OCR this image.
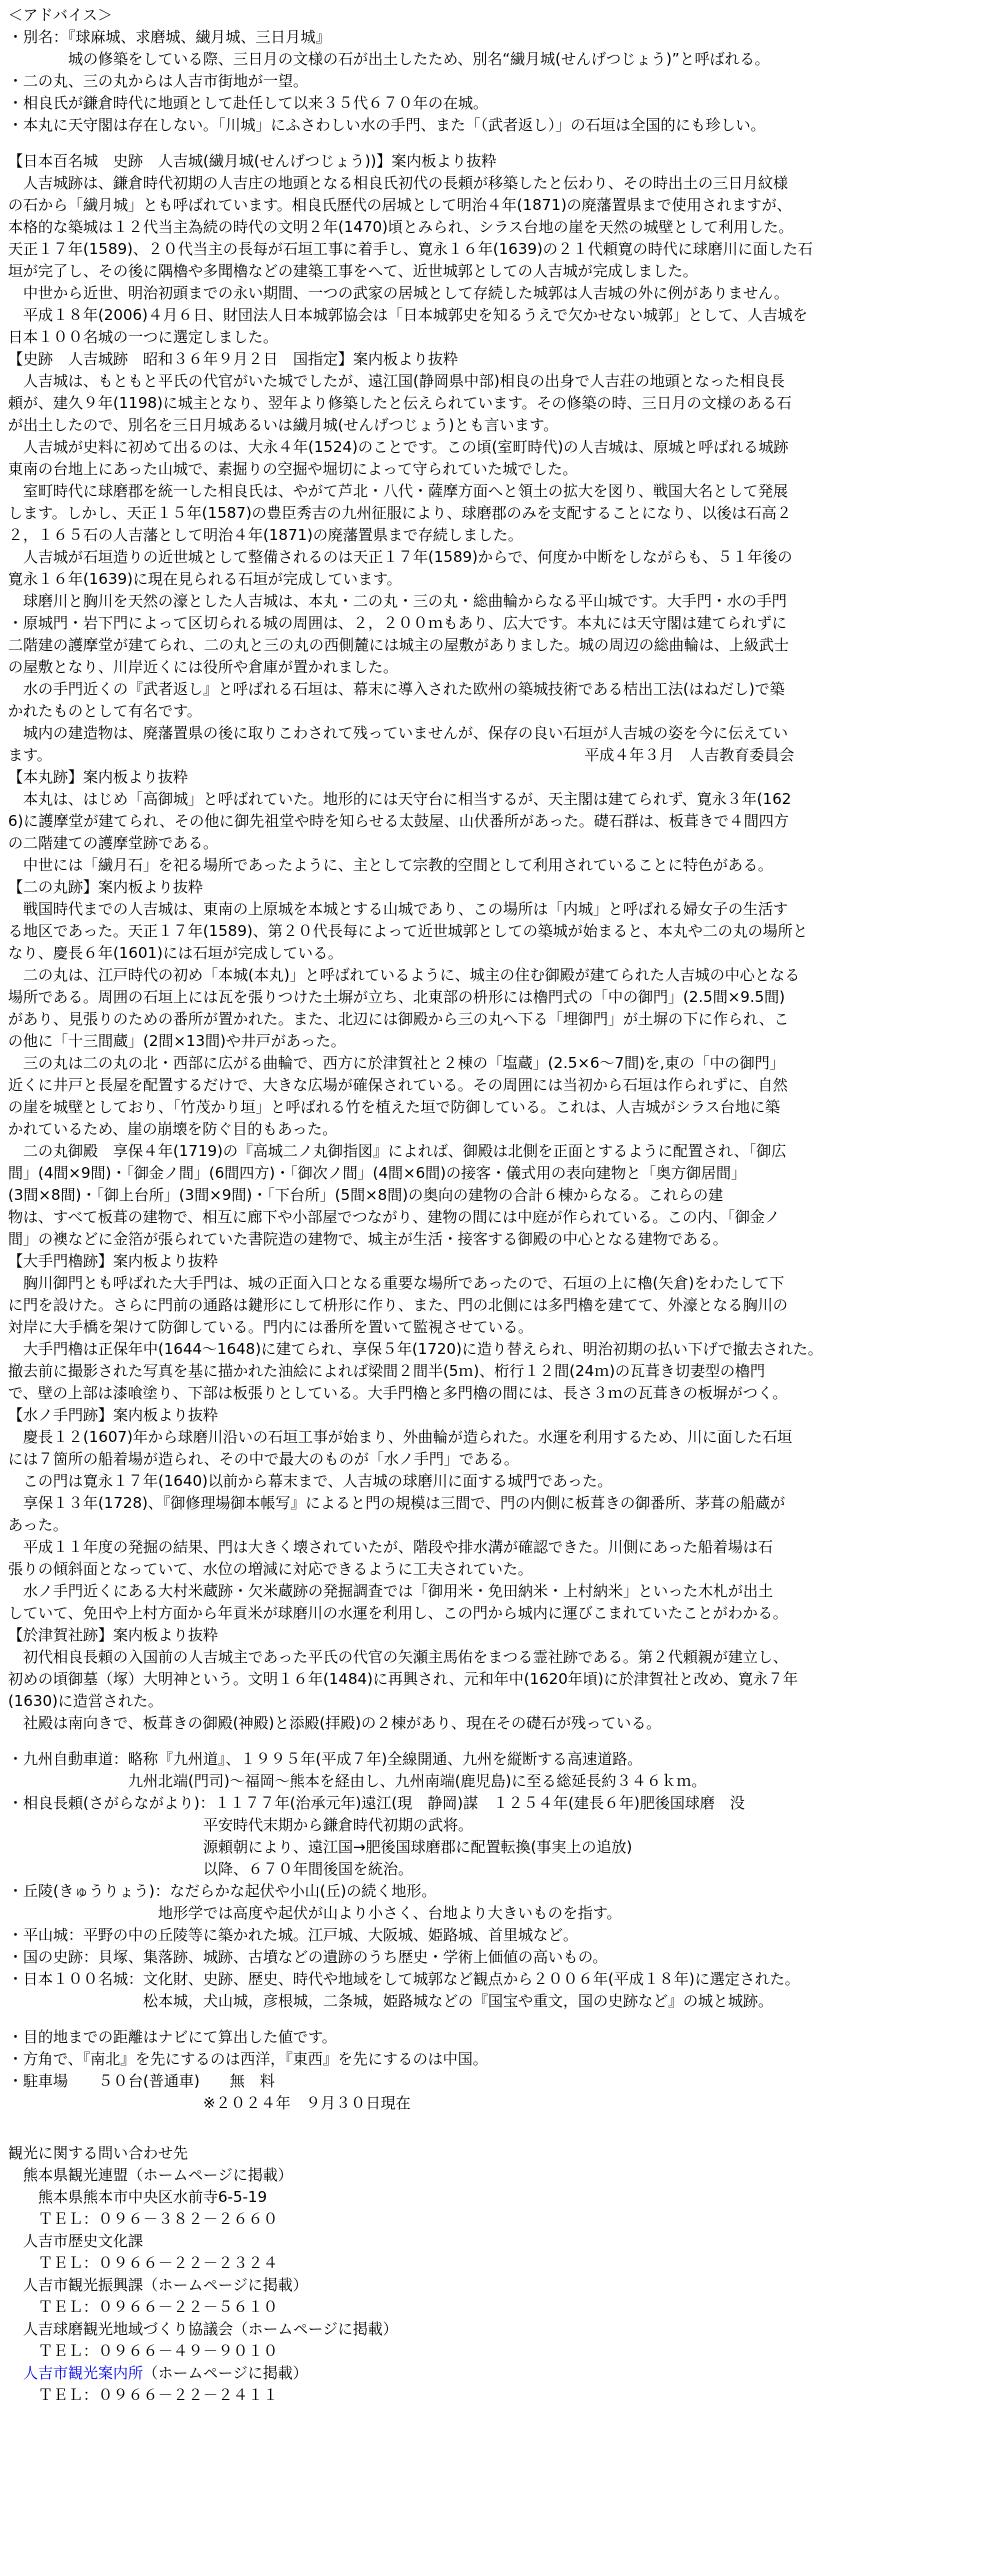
＜アドバイス＞

・別名：『球麻城、求磨城、繊月城、三日月城』

　　　　城の修築をしている際、三日月の文様の石が出土したため、別名“繊月城(せんげつじょう)”と呼ばれる。

・二の丸、三の丸からは人吉市街地が一望。

・相良氏が鎌倉時代に地頭として赴任して以来３５代６７０年の在城。

・本丸に天守閣は存在しない。「川城」にふさわしい水の手門、また「（武者返し）」の石垣は全国的にも珍しい。

【日本百名城　史跡　人吉城(繊月城(せんげつじょう))】案内板より抜粋

　人吉城跡は、鎌倉時代初期の人吉庄の地頭となる相良氏初代の長頼が移築したと伝わり、その時出土の三日月紋様

の石から「繊月城」とも呼ばれています。相良氏歴代の居城として明治４年(1871)の廃藩置県まで使用されますが、

本格的な築城は１２代当主為続の時代の文明２年(1470)頃とみられ、シラス台地の崖を天然の城壁として利用した。

天正１７年(1589)、２０代当主の長每が石垣工事に着手し、寛永１６年(1639)の２１代頼寛の時代に球磨川に面した石

垣が完了し、その後に隅櫓や多聞櫓などの建築工事をへて、近世城郭としての人吉城が完成しました。

　中世から近世、明治初頭までの永い期間、一つの武家の居城として存続した城郭は人吉城の外に例がありません。

　平成１８年(2006)４月６日、財団法人日本城郭協会は「日本城郭史を知るうえで欠かせない城郭」として、人吉城を

日本１００名城の一つに選定しました。

【史跡　人吉城跡　昭和３６年９月２日　国指定】案内板より抜粋

　人吉城は、もともと平氏の代官がいた城でしたが、遠江国(静岡県中部)相良の出身で人吉荘の地頭となった相良長

頼が、建久９年(1198)に城主となり、翌年より修築したと伝えられています。その修築の時、三日月の文様のある石

が出土したので、別名を三日月城あるいは繊月城(せんげつじょう)とも言います。

　人吉城が史料に初めて出るのは、大永４年(1524)のことです。この頃(室町時代)の人吉城は、原城と呼ばれる城跡

東南の台地上にあった山城で、素掘りの空掘や堀切によって守られていた城でした。

　室町時代に球磨郡を統一した相良氏は、やがて芦北・八代・薩摩方面へと領土の拡大を図り、戦国大名として発展

します。しかし、天正１５年(1587)の豊臣秀吉の九州征服により、球磨郡のみを支配することになり、以後は石高２

２，１６５石の人吉藩として明治４年(1871)の廃藩置県まで存続しました。

　人吉城が石垣造りの近世城として整備されるのは天正１７年(1589)からで、何度か中断をしながらも、５１年後の

寛永１６年(1639)に現在見られる石垣が完成しています。

　球磨川と胸川を天然の濠とした人吉城は、本丸・二の丸・三の丸・総曲輪からなる平山城です。大手門・水の手門

・原城門・岩下門によって区切られる城の周囲は、２，２００ｍもあり、広大です。本丸には天守閣は建てられずに

二階建の護摩堂が建てられ、二の丸と三の丸の西側麓には城主の屋敷がありました。城の周辺の総曲輪は、上級武士

の屋敷となり、川岸近くには役所や倉庫が置かれました。

　水の手門近くの『武者返し』と呼ばれる石垣は、幕末に導入された欧州の築城技術である桔出工法(はねだし)で築

かれたものとして有名です。

　城内の建造物は、廃藩置県の後に取りこわされて残っていませんが、保存の良い石垣が人吉城の姿を今に伝えてい

ます。　　　　　　　　　　　　　　　　　　　　　　　　　　　　　　　　　　　　平成４年３月　人吉教育委員会

【本丸跡】案内板より抜粋

　本丸は、はじめ「高御城」と呼ばれていた。地形的には天守台に相当するが、天主閣は建てられず、寛永３年(162

6)に護摩堂が建てられ、その他に御先祖堂や時を知らせる太鼓屋、山伏番所があった。礎石群は、板葺きで４間四方

の二階建ての護摩堂跡である。

　中世には「繊月石」を祀る場所であったように、主として宗教的空間として利用されていることに特色がある。

【二の丸跡】案内板より抜粋

　戦国時代までの人吉城は、東南の上原城を本城とする山城であり、この場所は「内城」と呼ばれる婦女子の生活す

る地区であった。天正１７年(1589)、第２０代長每によって近世城郭としての築城が始まると、本丸や二の丸の場所と

なり、慶長６年(1601)には石垣が完成している。

　二の丸は、江戸時代の初め「本城(本丸)」と呼ばれているように、城主の住む御殿が建てられた人吉城の中心となる

場所である。周囲の石垣上には瓦を張りつけた土塀が立ち、北東部の枡形には櫓門式の「中の御門」(2.5間×9.5間)

があり、見張りのための番所が置かれた。また、北辺には御殿から三の丸へ下る「埋御門」が土塀の下に作られ、こ

の他に「十三間蔵」(2間×13間)や井戸があった。

　三の丸は二の丸の北・西部に広がる曲輪で、西方に於津賀社と２棟の「塩蔵」(2.5×6～7間)を,東の「中の御門」

近くに井戸と長屋を配置するだけで、大きな広場が確保されている。その周囲には当初から石垣は作られずに、自然

の崖を城壁としており、「竹茂かり垣」と呼ばれる竹を植えた垣で防御している。これは、人吉城がシラス台地に築

かれているため、崖の崩壊を防ぐ目的もあった。

　二の丸御殿　享保４年(1719)の『高城二ノ丸御指図』によれば、御殿は北側を正面とするように配置され、「御広

間」(4間×9間)・「御金ノ間」(6間四方)・「御次ノ間」(4間×6間)の接客・儀式用の表向建物と「奥方御居間」

(3間×8間)・「御上台所」(3間×9間)・「下台所」(5間×8間)の奥向の建物の合計６棟からなる。これらの建

物は、すべて板葺の建物で、相互に廊下や小部屋でつながり、建物の間には中庭が作られている。この内、「御金ノ

間」の襖などに金箔が張られていた書院造の建物で、城主が生活・接客する御殿の中心となる建物である。

【大手門櫓跡】案内板より抜粋

　胸川御門とも呼ばれた大手門は、城の正面入口となる重要な場所であったので、石垣の上に櫓(矢倉)をわたして下

に門を設けた。さらに門前の通路は鍵形にして枡形に作り、また、門の北側には多門櫓を建てて、外濠となる胸川の

対岸に大手橋を架けて防御している。門内には番所を置いて監視させている。

　大手門櫓は正保年中(1644～1648)に建てられ、享保５年(1720)に造り替えられ、明治初期の払い下げで撤去された。

撤去前に撮影された写真を基に描かれた油絵によれば梁間２間半(5ｍ)、桁行１２間(24ｍ)の瓦葺き切妻型の櫓門

で、壁の上部は漆喰塗り、下部は板張りとしている。大手門櫓と多門櫓の間には、長さ３ｍの瓦葺きの板塀がつく。

【水ノ手門跡】案内板より抜粋

　慶長１２(1607)年から球磨川沿いの石垣工事が始まり、外曲輪が造られた。水運を利用するため、川に面した石垣

には７箇所の船着場が造られ、その中で最大のものが「水ノ手門」である。

　この門は寛永１７年(1640)以前から幕末まで、人吉城の球磨川に面する城門であった。

　享保１３年(1728)、『御修理場御本帳写』によると門の規模は三間で、門の内側に板葺きの御番所、茅葺の船蔵が

あった。

　平成１１年度の発掘の結果、門は大きく壊されていたが、階段や排水溝が確認できた。川側にあった船着場は石

張りの傾斜面となっていて、水位の増減に対応できるように工夫されていた。

　水ノ手門近くにある大村米蔵跡・欠米蔵跡の発掘調査では「御用米・免田納米・上村納米」といった木札が出土

していて、免田や上村方面から年貢米が球磨川の水運を利用し、この門から城内に運びこまれていたことがわかる。

【於津賀社跡】案内板より抜粋

　初代相良長頼の入国前の人吉城主であった平氏の代官の矢瀬主馬佑をまつる霊社跡である。第２代頼親が建立し、

初めの頃御墓（塚）大明神という。文明１６年(1484)に再興され、元和年中(1620年頃)に於津賀社と改め、寛永７年

(1630)に造営された。

　社殿は南向きで、板葺きの御殿(神殿)と添殿(拝殿)の２棟があり、現在その礎石が残っている。

・九州自動車道：略称『九州道』、１９９５年(平成７年)全線開通、九州を縦断する高速道路。

　　　　　　　　九州北端(門司)～福岡～熊本を経由し、九州南端(鹿児島)に至る総延長約３４６ｋｍ。

・相良長頼(さがらながより)：１１７７年(治承元年)遠江(現　静岡)謀　１２５４年(建長６年)肥後国球磨　没

　　　　　　　　　　　　　平安時代末期から鎌倉時代初期の武将。

　　　　　　　　　　　　　源頼朝により、遠江国→肥後国球磨郡に配置転換(事実上の追放)

　　　　　　　　　　　　　以降、６７０年間後国を統治。

・丘陵(きゅうりょう)：なだらかな起伏や小山(丘)の続く地形。

　　　　　　　　　　地形学では高度や起伏が山より小さく、台地より大きいものを指す。

・平山城：平野の中の丘陵等に築かれた城。江戸城、大阪城、姫路城、首里城など。

・国の史跡：貝塚、集落跡、城跡、古墳などの遺跡のうち歴史・学術上価値の高いもの。

・日本１００名城：文化財、史跡、歴史、時代や地域をして城郭など観点から２００６年(平成１８年)に選定された。

　　　　　　　　　松本城，犬山城，彦根城，二条城，姫路城などの『国宝や重文，国の史跡など』の城と城跡。

・目的地までの距離はナビにて算出した値です。

・方角で、『南北』を先にするのは西洋，『東西』を先にするのは中国。

・駐車場　　５０台(普通車)　　無　料

　　　　　　　　　　　　　※２０２４年　９月３０日現在

観光に関する問い合わせ先

　熊本県観光連盟（ホームページに掲載）

　　熊本県熊本市中央区水前寺6-5-19

　　ＴＥＬ：０９６－３８２－２６６０

　人吉市歴史文化課

　　ＴＥＬ：０９６６－２２－２３２４

　人吉市観光振興課（ホームページに掲載）

　　ＴＥＬ：０９６６－２２－５６１０

　人吉球磨観光地域づくり協議会（ホームページに掲載）

　　ＴＥＬ：０９６６－４９－９０１０

　人吉市観光案内所（ホームページに掲載）

　　ＴＥＬ：０９６６－２２－２４１１
